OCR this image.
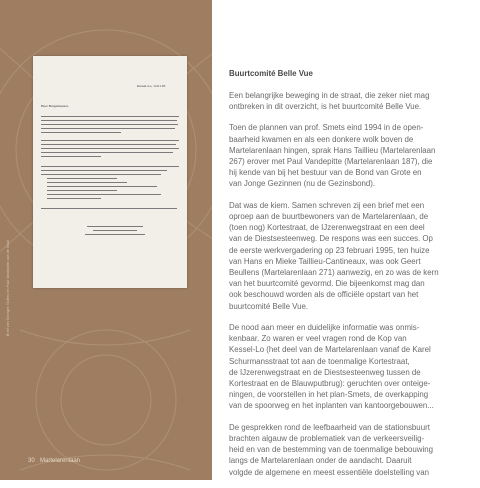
Kessel-Lo, 12.01.95
Heer Burgemeester,
Brief van Georges Taillieu en Paul Vandepitte aan de Stad
30 Martelarenlaan
Buurtcomité Belle Vue

Een belangrijke beweging in de straat, die zeker niet mag
ontbreken in dit overzicht, is het buurtcomité Belle Vue.

Toen de plannen van prof. Smets eind 1994 in de open-
baarheid kwamen en als een donkere wolk boven de
Martelarenlaan hingen, sprak Hans Taillieu (Martelarenlaan
267) erover met Paul Vandepitte (Martelarenlaan 187), die
hij kende van bij het bestuur van de Bond van Grote en
van Jonge Gezinnen (nu de Gezinsbond).

Dat was de kiem. Samen schreven zij een brief met een
oproep aan de buurtbewoners van de Martelarenlaan, de
(toen nog) Kortestraat, de IJzerenwegstraat en een deel
van de Diestsesteenweg. De respons was een succes. Op
de eerste werkvergadering op 23 februari 1995, ten huize
van Hans en Mieke Taillieu-Cantineaux, was ook Geert
Beullens (Martelarenlaan 271) aanwezig, en zo was de kern
van het buurtcomité gevormd. Die bijeenkomst mag dan
ook beschouwd worden als de officiële opstart van het
buurtcomité Belle Vue.

De nood aan meer en duidelijke informatie was onmis-
kenbaar. Zo waren er veel vragen rond de Kop van
Kessel-Lo (het deel van de Martelarenlaan vanaf de Karel
Schurmansstraat tot aan de toenmalige Kortestraat,
de IJzerenwegstraat en de Diestsesteenweg tussen de
Kortestraat en de Blauwputbrug): geruchten over onteige-
ningen, de voorstellen in het plan-Smets, de overkapping
van de spoorweg en het inplanten van kantoorgebouwen...

De gesprekken rond de leefbaarheid van de stationsbuurt
brachten algauw de problematiek van de verkeersveilig-
heid en van de bestemming van de toenmalige bebouwing
langs de Martelarenlaan onder de aandacht. Daaruit
volgde de algemene en meest essentiële doelstelling van
